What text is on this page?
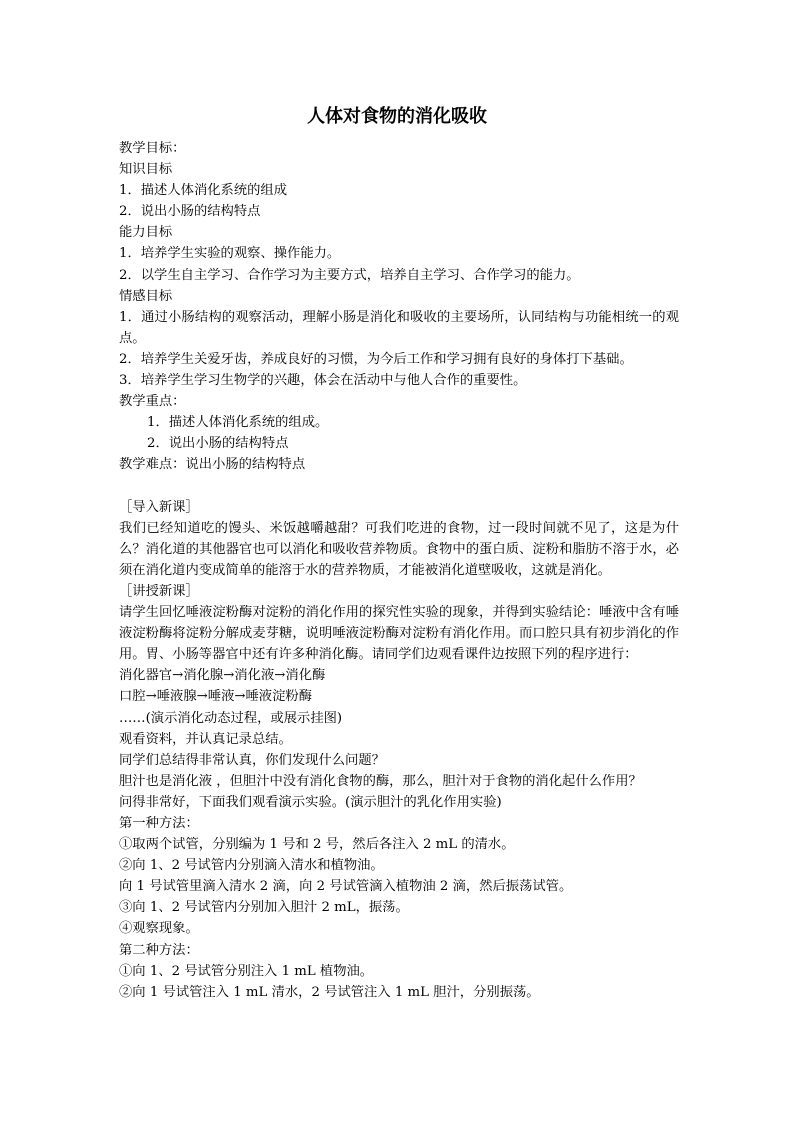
人体对食物的消化吸收
教学目标：
知识目标
1．描述人体消化系统的组成
2．说出小肠的结构特点
能力目标
1．培养学生实验的观察、操作能力。
2．以学生自主学习、合作学习为主要方式，培养自主学习、合作学习的能力。
情感目标
1．通过小肠结构的观察活动，理解小肠是消化和吸收的主要场所，认同结构与功能相统一的观点。
2．培养学生关爱牙齿，养成良好的习惯，为今后工作和学习拥有良好的身体打下基础。
3．培养学生学习生物学的兴趣，体会在活动中与他人合作的重要性。
教学重点：
1．描述人体消化系统的组成。
2．说出小肠的结构特点
教学难点：说出小肠的结构特点
［导入新课］
我们已经知道吃的馒头、米饭越嚼越甜？可我们吃进的食物，过一段时间就不见了，这是为什么？消化道的其他器官也可以消化和吸收营养物质。食物中的蛋白质、淀粉和脂肪不溶于水，必须在消化道内变成简单的能溶于水的营养物质，才能被消化道壁吸收，这就是消化。
［讲授新课］
请学生回忆唾液淀粉酶对淀粉的消化作用的探究性实验的现象，并得到实验结论：唾液中含有唾液淀粉酶将淀粉分解成麦芽糖，说明唾液淀粉酶对淀粉有消化作用。而口腔只具有初步消化的作用。胃、小肠等器官中还有许多种消化酶。请同学们边观看课件边按照下列的程序进行：
消化器官→消化腺→消化液→消化酶
口腔→唾液腺→唾液→唾液淀粉酶
……(演示消化动态过程，或展示挂图)
观看资料，并认真记录总结。
同学们总结得非常认真，你们发现什么问题？
胆汁也是消化液 ，但胆汁中没有消化食物的酶，那么，胆汁对于食物的消化起什么作用？
问得非常好，下面我们观看演示实验。(演示胆汁的乳化作用实验)
第一种方法：
①取两个试管，分别编为 1 号和 2 号，然后各注入 2 mL 的清水。
②向 1、2 号试管内分别滴入清水和植物油。
向 1 号试管里滴入清水 2 滴，向 2 号试管滴入植物油 2 滴，然后振荡试管。
③向 1、2 号试管内分别加入胆汁 2 mL，振荡。
④观察现象。
第二种方法：
①向 1、2 号试管分别注入 1 mL 植物油。
②向 1 号试管注入 1 mL 清水，2 号试管注入 1 mL 胆汁，分别振荡。
